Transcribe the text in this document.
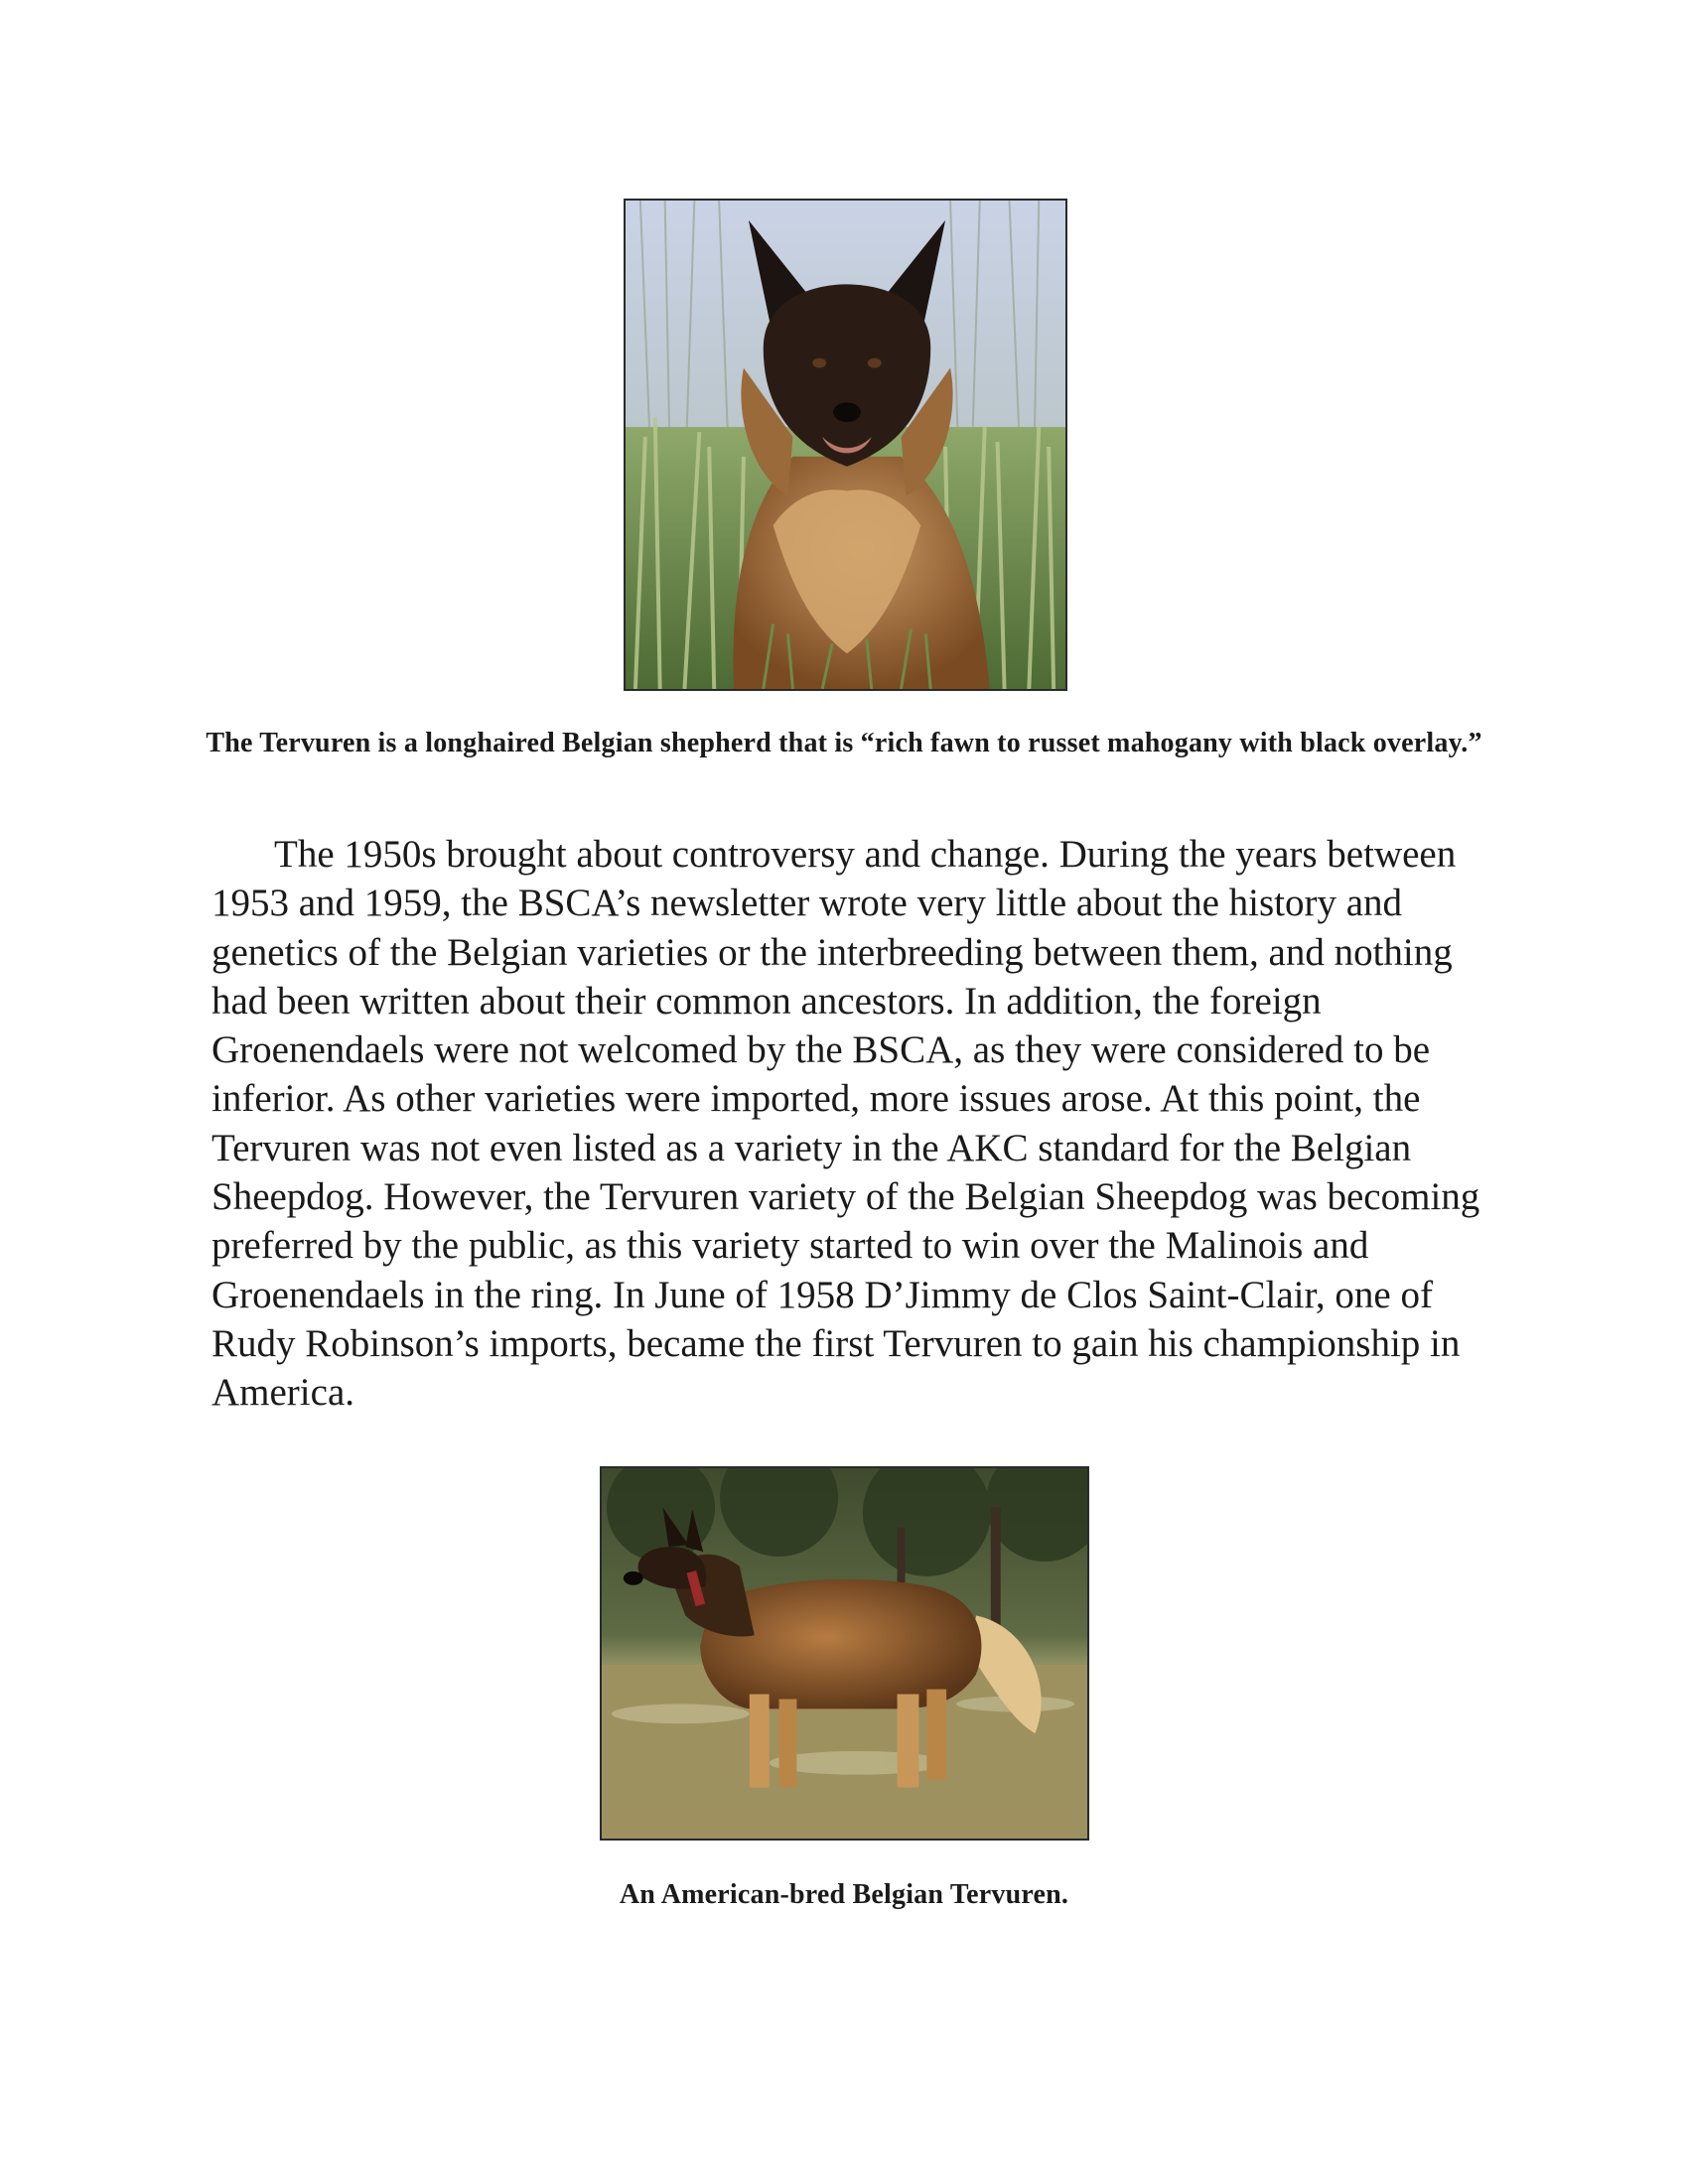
The Tervuren is a longhaired Belgian shepherd that is “rich fawn to russet mahogany with black overlay.”

The 1950s brought about controversy and change. During the years between 1953 and 1959, the BSCA’s newsletter wrote very little about the history and genetics of the Belgian varieties or the interbreeding between them, and nothing had been written about their common ancestors. In addition, the foreign Groenendaels were not welcomed by the BSCA, as they were considered to be inferior. As other varieties were imported, more issues arose. At this point, the Tervuren was not even listed as a variety in the AKC standard for the Belgian Sheepdog. However, the Tervuren variety of the Belgian Sheepdog was becoming preferred by the public, as this variety started to win over the Malinois and Groenendaels in the ring. In June of 1958 D’Jimmy de Clos Saint-Clair, one of Rudy Robinson’s imports, became the first Tervuren to gain his championship in America.

An American-bred Belgian Tervuren.
